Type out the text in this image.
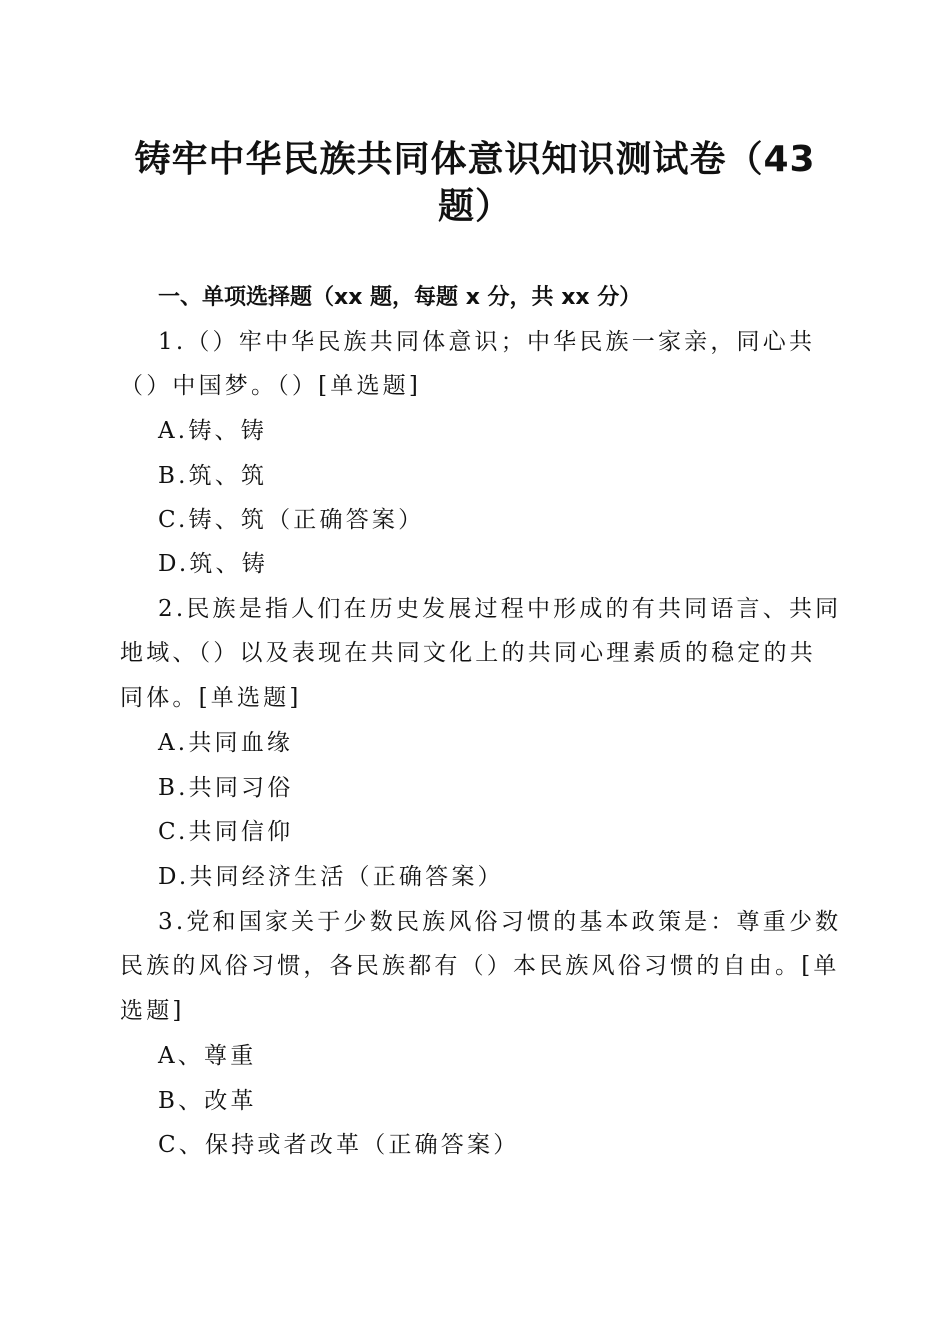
铸牢中华民族共同体意识知识测试卷（43
题）
一、单项选择题（xx 题，每题 x 分，共 xx 分）
1.（）牢中华民族共同体意识；中华民族一家亲，同心共
（）中国梦。（）[单选题]
A.铸、铸
B.筑、筑
C.铸、筑（正确答案）
D.筑、铸
2.民族是指人们在历史发展过程中形成的有共同语言、共同
地域、（）以及表现在共同文化上的共同心理素质的稳定的共
同体。[单选题]
A.共同血缘
B.共同习俗
C.共同信仰
D.共同经济生活（正确答案）
3.党和国家关于少数民族风俗习惯的基本政策是：尊重少数
民族的风俗习惯，各民族都有（）本民族风俗习惯的自由。[单
选题]
A、尊重
B、改革
C、保持或者改革（正确答案）
